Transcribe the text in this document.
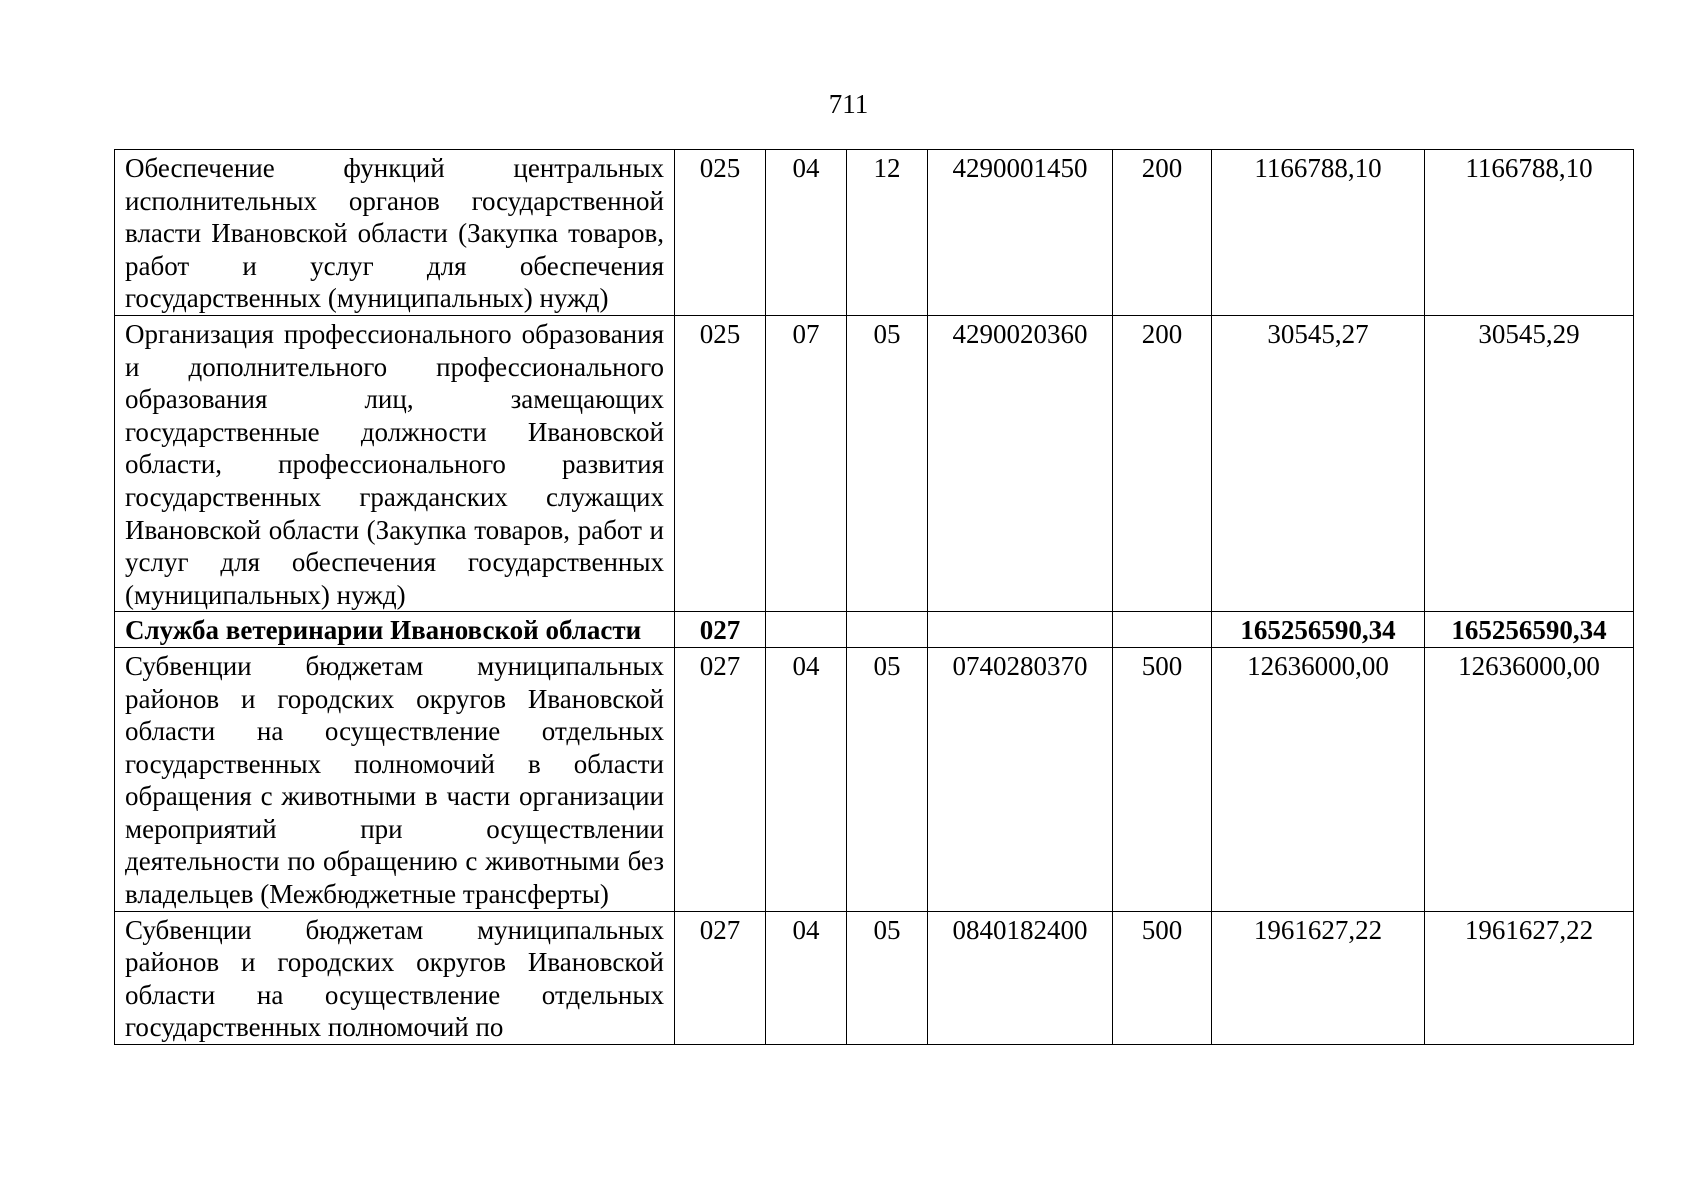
711
Обеспечение функций центральных исполнительных органов государственной власти Ивановской области (Закупка товаров, работ и услуг для обеспечения государственных (муниципальных) нужд)	025	04	12	4290001450	200	1166788,10	1166788,10
Организация профессионального образования и дополнительного профессионального образования лиц, замещающих государственные должности Ивановской области, профессионального развития государственных гражданских служащих Ивановской области (Закупка товаров, работ и услуг для обеспечения государственных (муниципальных) нужд)	025	07	05	4290020360	200	30545,27	30545,29
Служба ветеринарии Ивановской области	027					165256590,34	165256590,34
Субвенции бюджетам муниципальных районов и городских округов Ивановской области на осуществление отдельных государственных полномочий в области обращения с животными в части организации мероприятий при осуществлении деятельности по обращению с животными без владельцев (Межбюджетные трансферты)	027	04	05	0740280370	500	12636000,00	12636000,00

Субвенции бюджетам муниципальных районов и городских округов Ивановской области на осуществление отдельных государственных полномочий по	027	04	05	0840182400	500	1961627,22	1961627,22
